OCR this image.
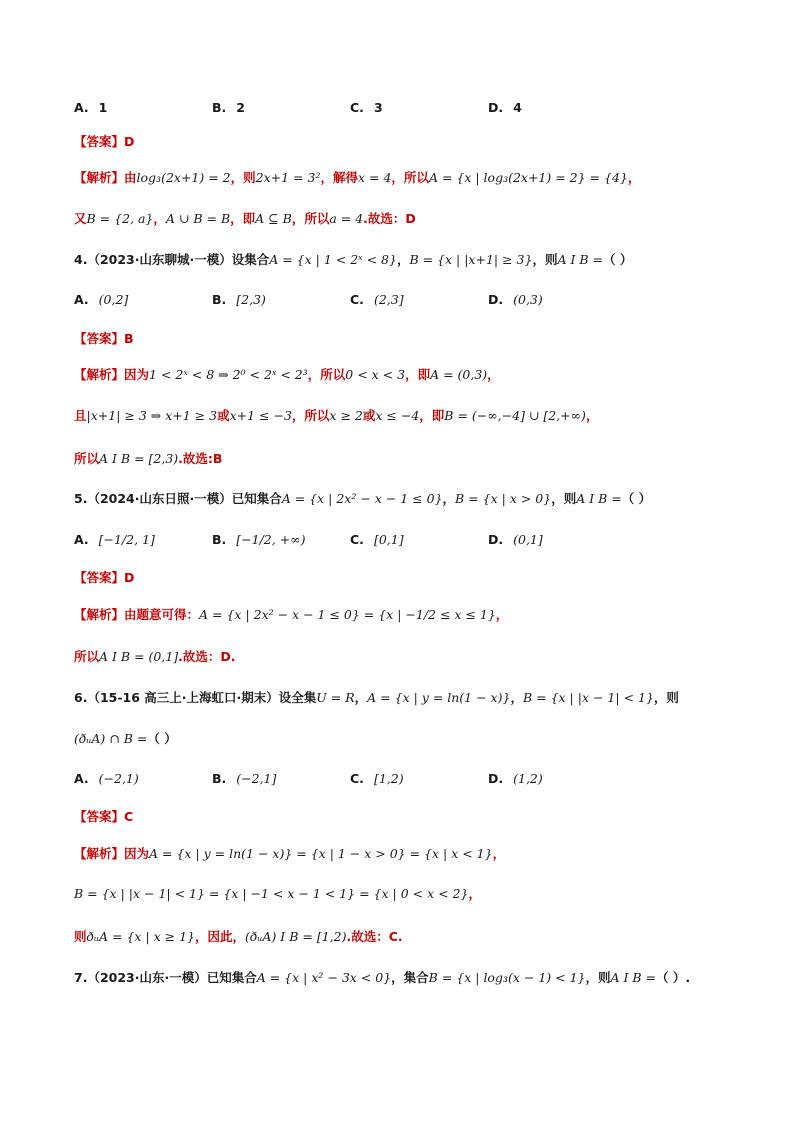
A. 1	B. 2	C. 3	D. 4
【答案】D
【解析】由log₃(2x+1) = 2，则2x+1 = 3²，解得x = 4，所以A = {x | log₃(2x+1) = 2} = {4}，
又B = {2, a}，A ∪ B = B，即A ⊆ B，所以a = 4.故选：D
4.（2023·山东聊城·一模）设集合A = {x | 1 < 2ˣ < 8}，B = {x | |x+1| ≥ 3}，则A I B =（ ）
A. (0,2]	B. [2,3)	C. (2,3]	D. (0,3)
【答案】B
【解析】因为1 < 2ˣ < 8 ⇒ 2⁰ < 2ˣ < 2³，所以0 < x < 3，即A = (0,3)，
且|x+1| ≥ 3 ⇒ x+1 ≥ 3或x+1 ≤ −3，所以x ≥ 2或x ≤ −4，即B = (−∞,−4] ∪ [2,+∞)，
所以A I B = [2,3).故选:B
5.（2024·山东日照·一模）已知集合A = {x | 2x² − x − 1 ≤ 0}，B = {x | x > 0}，则A I B =（ ）
A. [−1/2, 1]	B. [−1/2, +∞)	C. [0,1]	D. (0,1]
【答案】D
【解析】由题意可得：A = {x | 2x² − x − 1 ≤ 0} = {x | −1/2 ≤ x ≤ 1}，
所以A I B = (0,1].故选：D.
6.（15-16 高三上·上海虹口·期末）设全集U = R，A = {x | y = ln(1 − x)}，B = {x | |x − 1| < 1}，则
(ðᵤA) ∩ B =（ ）
A. (−2,1)	B. (−2,1]	C. [1,2)	D. (1,2)
【答案】C
【解析】因为A = {x | y = ln(1 − x)} = {x | 1 − x > 0} = {x | x < 1}，
B = {x | |x − 1| < 1} = {x | −1 < x − 1 < 1} = {x | 0 < x < 2}，
则ðᵤA = {x | x ≥ 1}，因此，(ðᵤA) I B = [1,2).故选：C.
7.（2023·山东·一模）已知集合A = {x | x² − 3x < 0}，集合B = {x | log₃(x − 1) < 1}，则A I B =（ ）.
